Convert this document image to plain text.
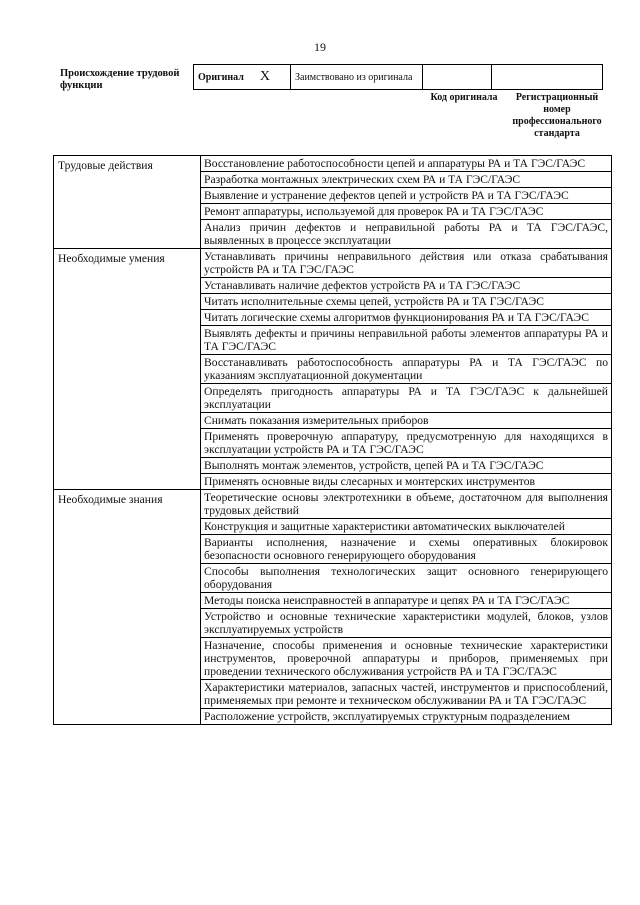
19
Происхождение трудовой функции
Оригинал X	Заимствовано из оригинала		
Код оригинала	Регистрационный номер профессионального стандарта
Трудовые действия	Восстановление работоспособности цепей и аппаратуры РА и ТА ГЭС/ГАЭС
	Разработка монтажных электрических схем РА и ТА ГЭС/ГАЭС
	Выявление и устранение дефектов цепей и устройств РА и ТА ГЭС/ГАЭС
	Ремонт аппаратуры, используемой для проверок РА и ТА ГЭС/ГАЭС
	Анализ причин дефектов и неправильной работы РА и ТА ГЭС/ГАЭС, выявленных в процессе эксплуатации
Необходимые умения	Устанавливать причины неправильного действия или отказа срабатывания устройств РА и ТА ГЭС/ГАЭС
	Устанавливать наличие дефектов устройств РА и ТА ГЭС/ГАЭС
	Читать исполнительные схемы цепей, устройств РА и ТА ГЭС/ГАЭС
	Читать логические схемы алгоритмов функционирования РА и ТА ГЭС/ГАЭС
	Выявлять дефекты и причины неправильной работы элементов аппаратуры РА и ТА ГЭС/ГАЭС
	Восстанавливать работоспособность аппаратуры РА и ТА ГЭС/ГАЭС по указаниям эксплуатационной документации
	Определять пригодность аппаратуры РА и ТА ГЭС/ГАЭС к дальнейшей эксплуатации
	Снимать показания измерительных приборов
	Применять проверочную аппаратуру, предусмотренную для находящихся в эксплуатации устройств РА и ТА ГЭС/ГАЭС
	Выполнять монтаж элементов, устройств, цепей РА и ТА ГЭС/ГАЭС
	Применять основные виды слесарных и монтерских инструментов
Необходимые знания	Теоретические основы электротехники в объеме, достаточном для выполнения трудовых действий
	Конструкция и защитные характеристики автоматических выключателей
	Варианты исполнения, назначение и схемы оперативных блокировок безопасности основного генерирующего оборудования
	Способы выполнения технологических защит основного генерирующего оборудования
	Методы поиска неисправностей в аппаратуре и цепях РА и ТА ГЭС/ГАЭС
	Устройство и основные технические характеристики модулей, блоков, узлов эксплуатируемых устройств
	Назначение, способы применения и основные технические характеристики инструментов, проверочной аппаратуры и приборов, применяемых при проведении технического обслуживания устройств РА и ТА ГЭС/ГАЭС
	Характеристики материалов, запасных частей, инструментов и приспособлений, применяемых при ремонте и техническом обслуживании РА и ТА ГЭС/ГАЭС
	Расположение устройств, эксплуатируемых структурным подразделением
